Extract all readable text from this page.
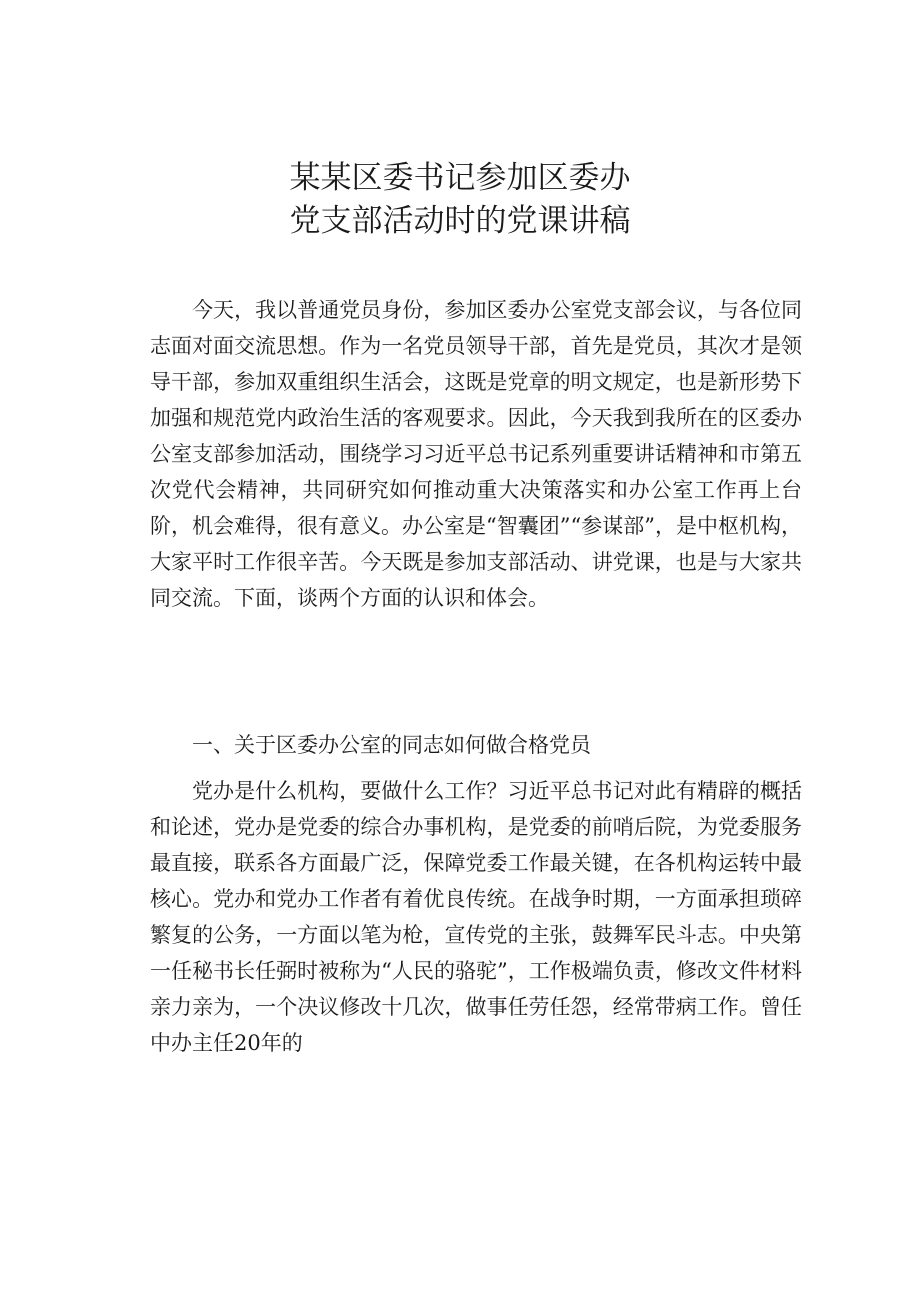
某某区委书记参加区委办
党支部活动时的党课讲稿

今天，我以普通党员身份，参加区委办公室党支部会议，与各位同志面对面交流思想。作为一名党员领导干部，首先是党员，其次才是领导干部，参加双重组织生活会，这既是党章的明文规定，也是新形势下加强和规范党内政治生活的客观要求。因此，今天我到我所在的区委办公室支部参加活动，围绕学习习近平总书记系列重要讲话精神和市第五次党代会精神，共同研究如何推动重大决策落实和办公室工作再上台阶，机会难得，很有意义。办公室是“智囊团”“参谋部”，是中枢机构，大家平时工作很辛苦。今天既是参加支部活动、讲党课，也是与大家共同交流。下面，谈两个方面的认识和体会。

一、关于区委办公室的同志如何做合格党员

党办是什么机构，要做什么工作？习近平总书记对此有精辟的概括和论述，党办是党委的综合办事机构，是党委的前哨后院，为党委服务最直接，联系各方面最广泛，保障党委工作最关键，在各机构运转中最核心。党办和党办工作者有着优良传统。在战争时期，一方面承担琐碎繁复的公务，一方面以笔为枪，宣传党的主张，鼓舞军民斗志。中央第一任秘书长任弼时被称为“人民的骆驼”，工作极端负责，修改文件材料亲力亲为，一个决议修改十几次，做事任劳任怨，经常带病工作。曾任中办主任20年的
